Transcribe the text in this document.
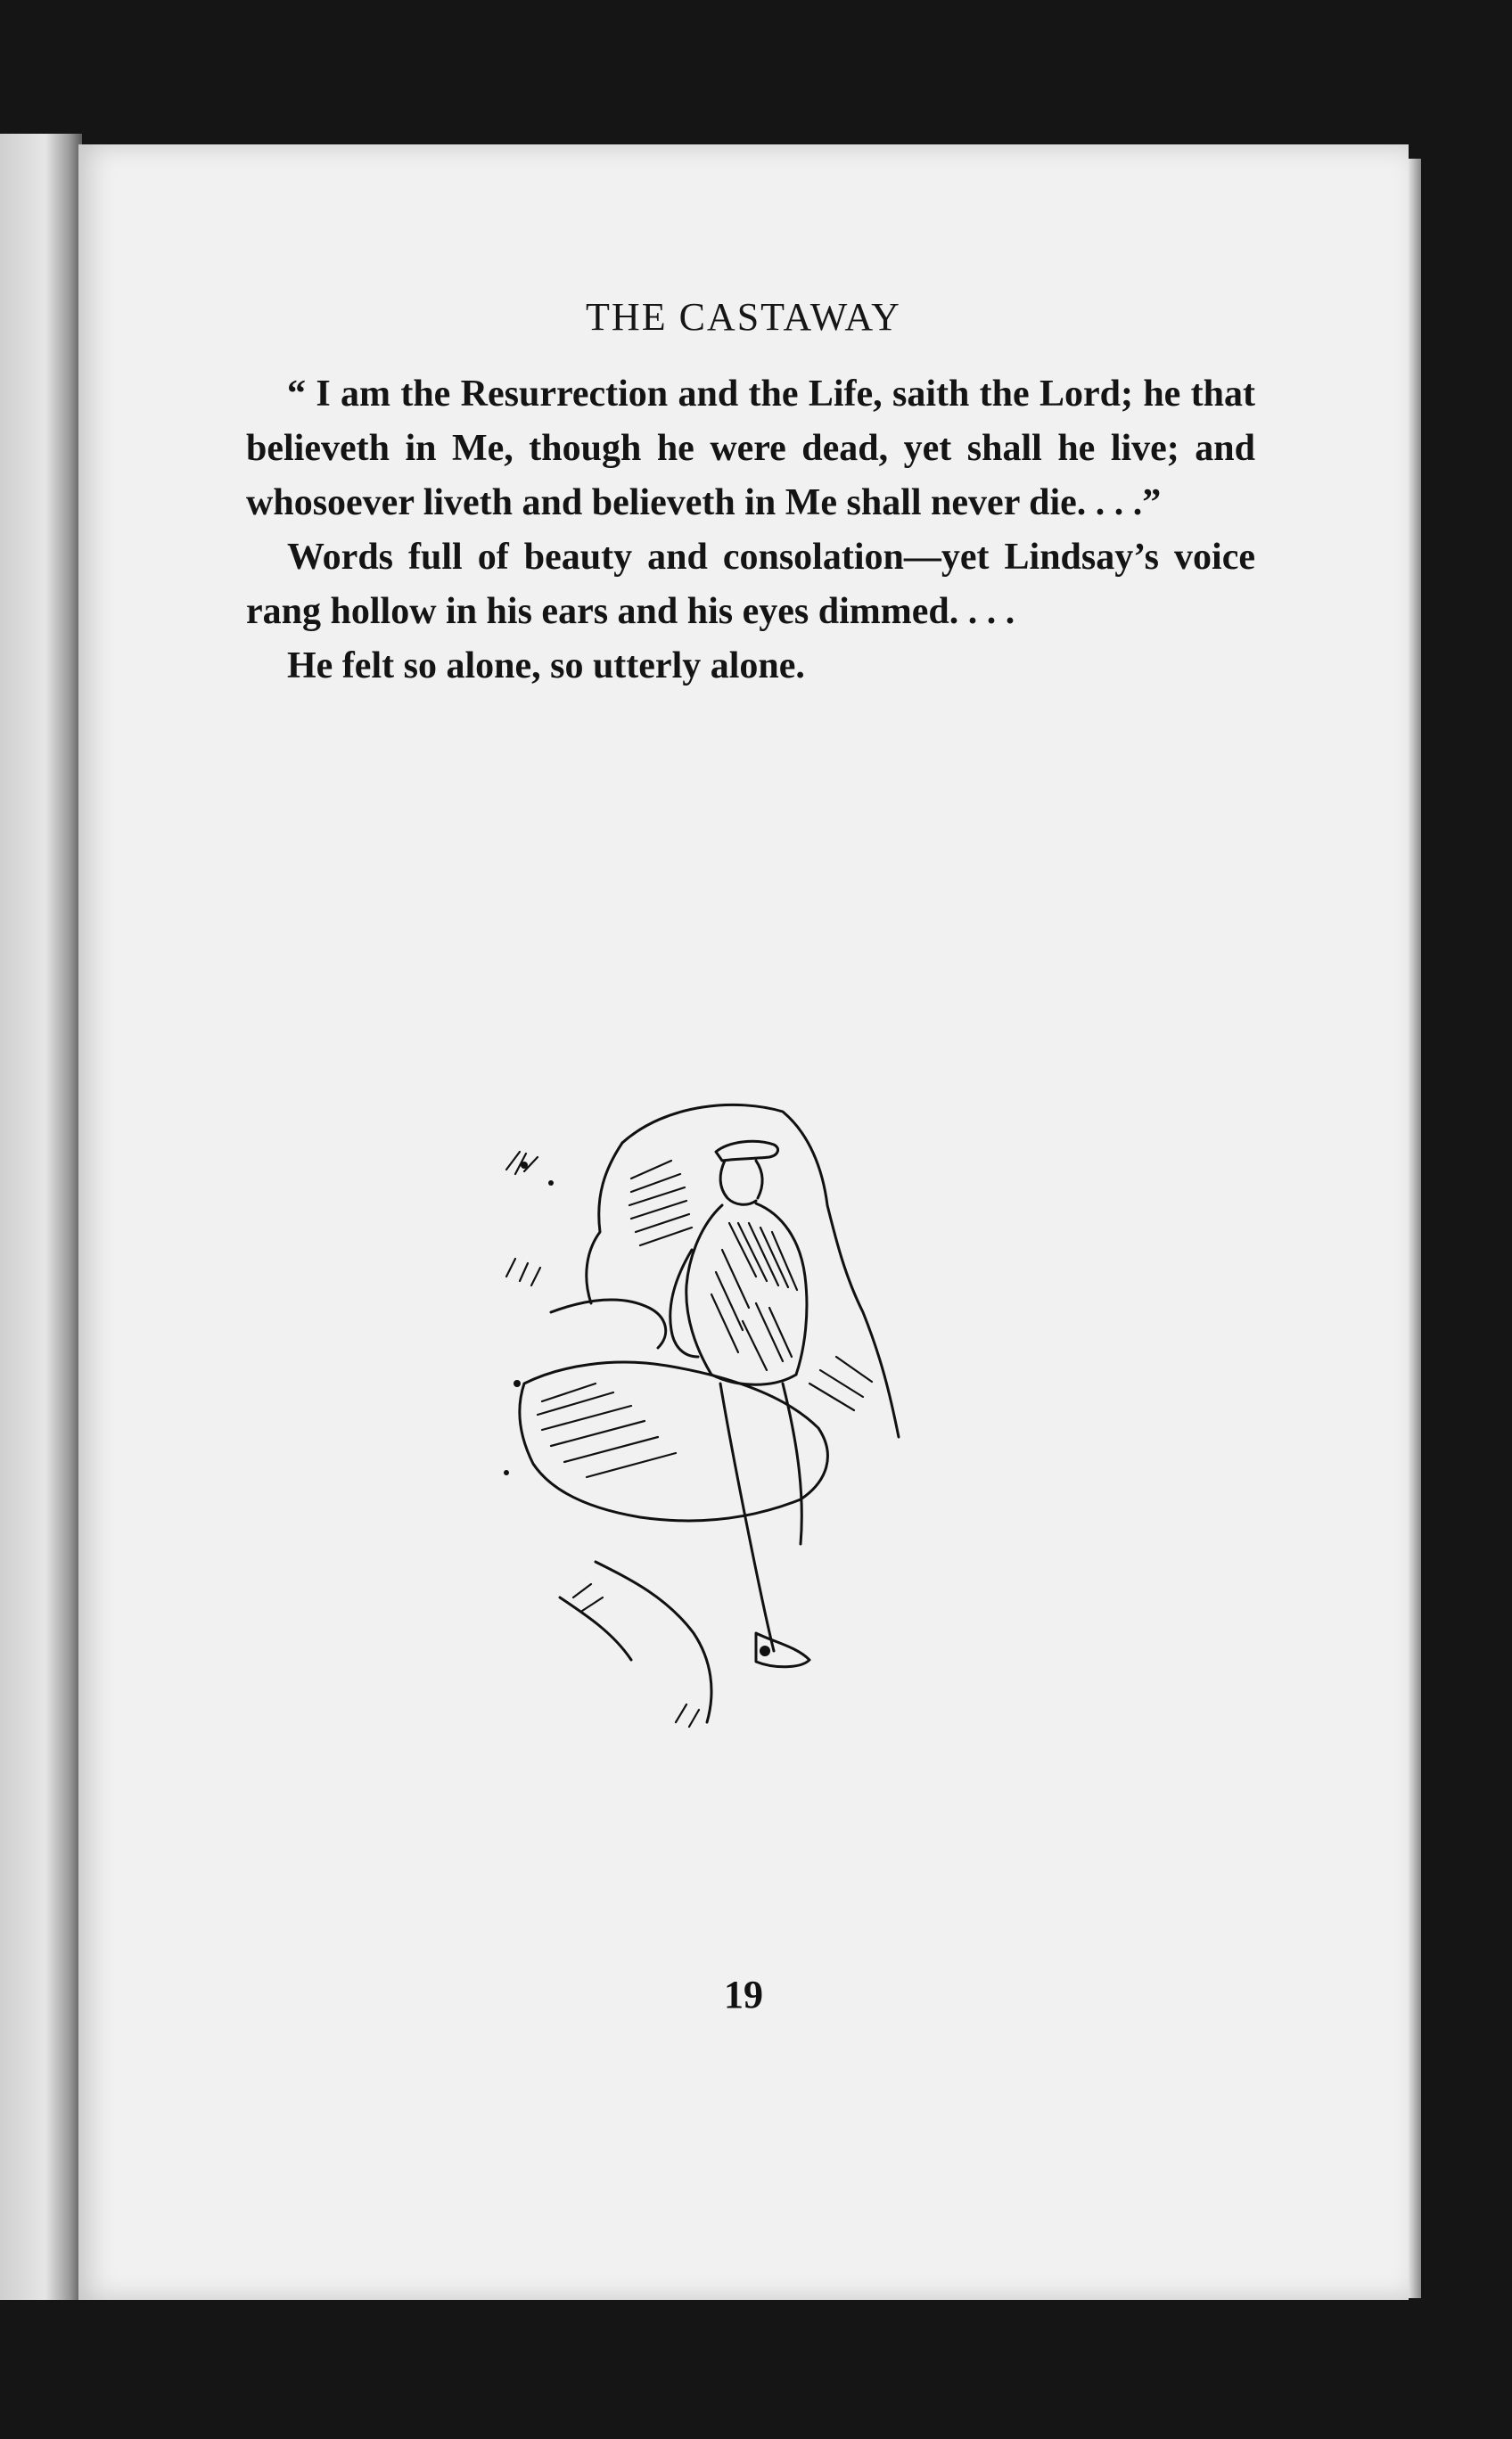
THE CASTAWAY

“ I am the Resurrection and the Life, saith the Lord; he that believeth in Me, though he were dead, yet shall he live; and whosoever liveth and believeth in Me shall never die. . . .”

Words full of beauty and consolation—yet Lindsay’s voice rang hollow in his ears and his eyes dimmed. . . .

He felt so alone, so utterly alone.

19
